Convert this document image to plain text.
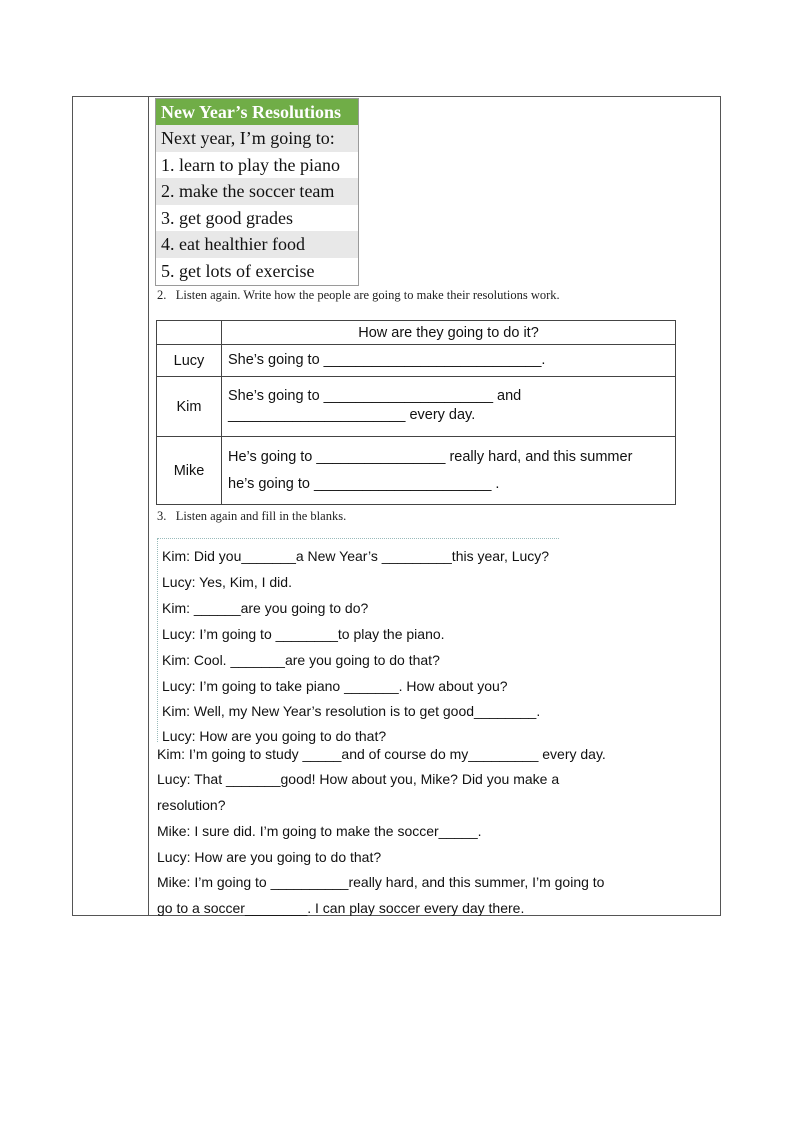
New Year’s Resolutions
Next year, I’m going to:
1. learn to play the piano
2. make the soccer team
3. get good grades
4. eat healthier food
5. get lots of exercise
2.   Listen again. Write how the people are going to make their resolutions work.
	How are they going to do it?
Lucy	She’s going to ___________________________.

Kim	She’s going to _____________________ and
______________________ every day.

Mike	He’s going to ________________ really hard, and this summer
he’s going to ______________________ .
3.   Listen again and fill in the blanks.
Kim: Did you_______a New Year’s _________this year, Lucy?
Lucy: Yes, Kim, I did.
Kim: ______are you going to do?
Lucy: I’m going to ________to play the piano.
Kim: Cool. _______are you going to do that?
Lucy: I’m going to take piano _______. How about you?
Kim: Well, my New Year’s resolution is to get good________.
Lucy: How are you going to do that?
Kim: I’m going to study _____and of course do my_________ every day.
Lucy: That _______good! How about you, Mike? Did you make a
resolution?
Mike: I sure did. I’m going to make the soccer_____.
Lucy: How are you going to do that?
Mike: I’m going to __________really hard, and this summer, I’m going to
go to a soccer________. I can play soccer every day there.
